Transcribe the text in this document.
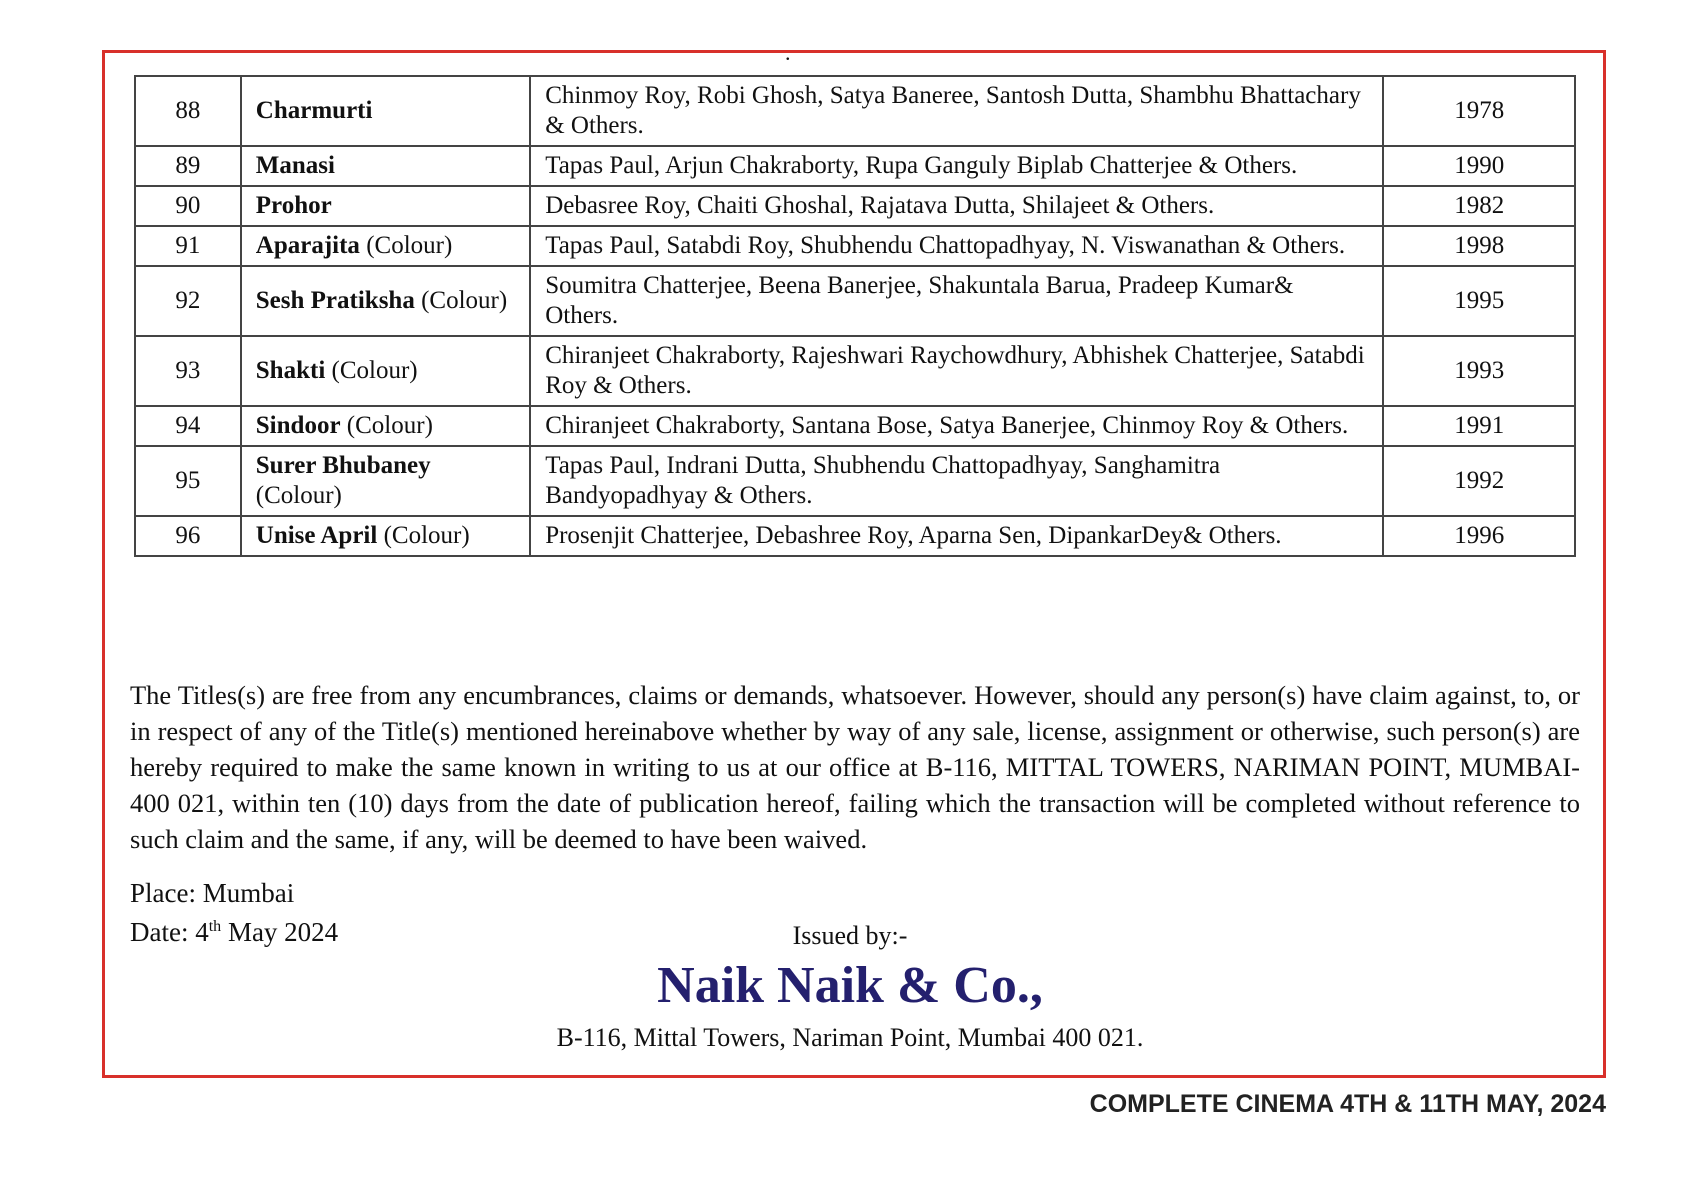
.
88	Charmurti	Chinmoy Roy, Robi Ghosh, Satya Baneree, Santosh Dutta, Shambhu Bhattachary & Others.	1978
89	Manasi	Tapas Paul, Arjun Chakraborty, Rupa Ganguly Biplab Chatterjee & Others.	1990
90	Prohor	Debasree Roy, Chaiti Ghoshal, Rajatava Dutta, Shilajeet & Others.	1982
91	Aparajita (Colour)	Tapas Paul, Satabdi Roy, Shubhendu Chattopadhyay, N. Viswanathan & Others.	1998
92	Sesh Pratiksha (Colour)	Soumitra Chatterjee, Beena Banerjee, Shakuntala Barua, Pradeep Kumar& Others.	1995
93	Shakti (Colour)	Chiranjeet Chakraborty, Rajeshwari Raychowdhury, Abhishek Chatterjee, Satabdi Roy & Others.	1993
94	Sindoor (Colour)	Chiranjeet Chakraborty, Santana Bose, Satya Banerjee, Chinmoy Roy & Others.	1991
95	Surer Bhubaney (Colour)	Tapas Paul, Indrani Dutta, Shubhendu Chattopadhyay, Sanghamitra Bandyopadhyay & Others.	1992
96	Unise April (Colour)	Prosenjit Chatterjee, Debashree Roy, Aparna Sen, DipankarDey& Others.	1996

The Titles(s) are free from any encumbrances, claims or demands, whatsoever. However, should any person(s) have claim against, to, or in respect of any of the Title(s) mentioned hereinabove whether by way of any sale, license, assignment or otherwise, such person(s) are hereby required to make the same known in writing to us at our office at B-116, MITTAL TOWERS, NARIMAN POINT, MUMBAI- 400 021, within ten (10) days from the date of publication hereof, failing which the transaction will be completed without reference to such claim and the same, if any, will be deemed to have been waived.

Place: Mumbai
Date: 4th May 2024	Issued by:-
Naik Naik & Co.,
B-116, Mittal Towers, Nariman Point, Mumbai 400 021.
COMPLETE CINEMA 4TH & 11TH MAY, 2024
